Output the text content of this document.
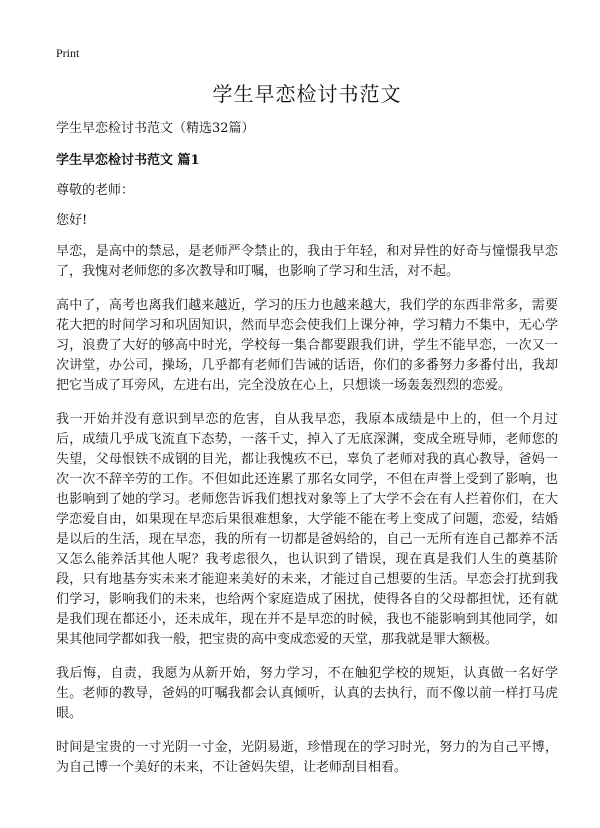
Print
学生早恋检讨书范文
学生早恋检讨书范文（精选32篇）
学生早恋检讨书范文 篇1
尊敬的老师：
您好!

早恋，是高中的禁忌，是老师严令禁止的，我由于年轻，和对异性的好奇与憧憬我早恋了，我愧对老师您的多次教导和叮嘱，也影响了学习和生活，对不起。

高中了，高考也离我们越来越近，学习的压力也越来越大，我们学的东西非常多，需要花大把的时间学习和巩固知识，然而早恋会使我们上课分神，学习精力不集中，无心学习，浪费了大好的够高中时光，学校每一集合都要跟我们讲，学生不能早恋，一次又一次讲堂，办公司，操场，几乎都有老师们告诫的话语，你们的多番努力多番付出，我却把它当成了耳旁风，左进右出，完全没放在心上，只想谈一场轰轰烈烈的恋爱。

我一开始并没有意识到早恋的危害，自从我早恋，我原本成绩是中上的，但一个月过后，成绩几乎成飞流直下态势，一落千丈，掉入了无底深渊，变成全班导师，老师您的失望，父母恨铁不成钢的目光，都让我愧疚不已，辜负了老师对我的真心教导，爸妈一次一次不辞辛劳的工作。不但如此还连累了那名女同学，不但在声誉上受到了影响，也也影响到了她的学习。老师您告诉我们想找对象等上了大学不会在有人拦着你们，在大学恋爱自由，如果现在早恋后果很难想象，大学能不能在考上变成了问题，恋爱，结婚是以后的生活，现在早恋，我的所有一切都是爸妈给的，自己一无所有连自己都养不活又怎么能养活其他人呢？我考虑很久，也认识到了错误，现在真是我们人生的奠基阶段，只有地基夯实未来才能迎来美好的未来，才能过自己想要的生活。早恋会打扰到我们学习，影响我们的未来，也给两个家庭造成了困扰，使得各自的父母都担忧，还有就是我们现在都还小，还未成年，现在并不是早恋的时候，我也不能影响到其他同学，如果其他同学都如我一般，把宝贵的高中变成恋爱的天堂，那我就是罪大额极。

我后悔，自责，我愿为从新开始，努力学习，不在触犯学校的规矩，认真做一名好学生。老师的教导，爸妈的叮嘱我都会认真倾听，认真的去执行，而不像以前一样打马虎眼。

时间是宝贵的一寸光阴一寸金，光阴易逝，珍惜现在的学习时光，努力的为自己平博，为自己博一个美好的未来，不让爸妈失望，让老师刮目相看。
